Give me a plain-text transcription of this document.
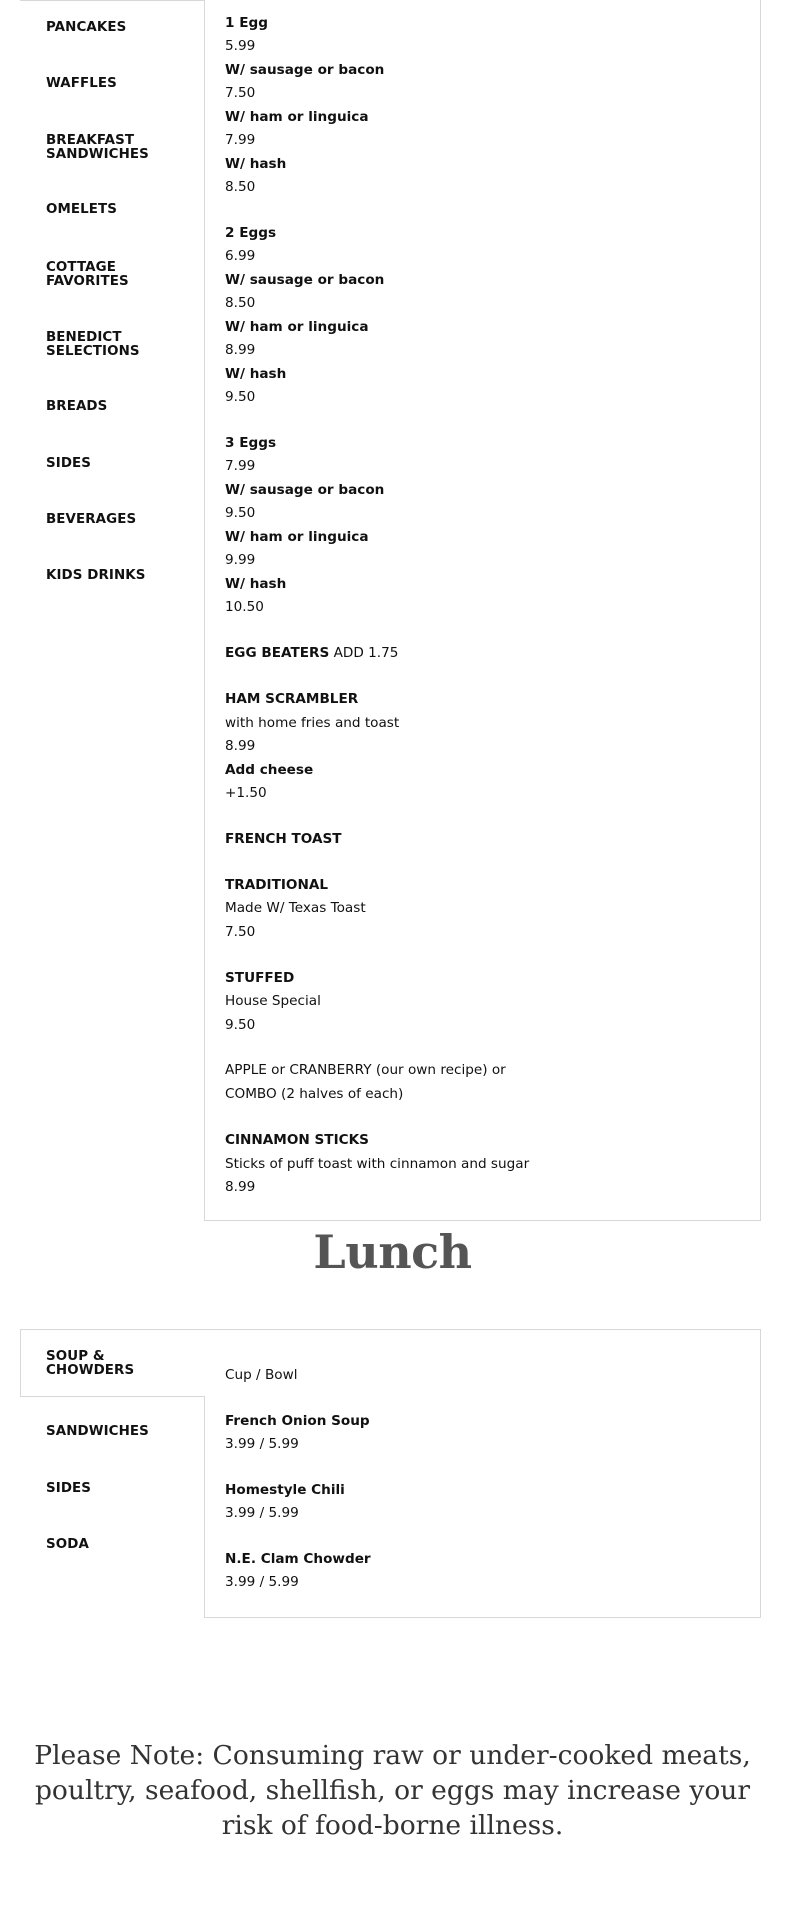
PANCAKES
WAFFLES
BREAKFAST SANDWICHES
OMELETS
COTTAGE FAVORITES
BENEDICT SELECTIONS
BREADS
SIDES
BEVERAGES
KIDS DRINKS
1 Egg
5.99
W/ sausage or bacon
7.50
W/ ham or linguica
7.99
W/ hash
8.50
2 Eggs
6.99
W/ sausage or bacon
8.50
W/ ham or linguica
8.99
W/ hash
9.50
3 Eggs
7.99
W/ sausage or bacon
9.50
W/ ham or linguica
9.99
W/ hash
10.50
EGG BEATERS ADD 1.75
HAM SCRAMBLER
with home fries and toast
8.99
Add cheese
+1.50
FRENCH TOAST
TRADITIONAL
Made W/ Texas Toast
7.50
STUFFED
House Special
9.50
APPLE or CRANBERRY (our own recipe) or
COMBO (2 halves of each)
CINNAMON STICKS
Sticks of puff toast with cinnamon and sugar
8.99
Lunch
SOUP & CHOWDERS
SANDWICHES
SIDES
SODA
Cup / Bowl
French Onion Soup
3.99 / 5.99
Homestyle Chili
3.99 / 5.99
N.E. Clam Chowder
3.99 / 5.99
Please Note: Consuming raw or under-cooked meats, poultry, seafood, shellfish, or eggs may increase your risk of food-borne illness.
